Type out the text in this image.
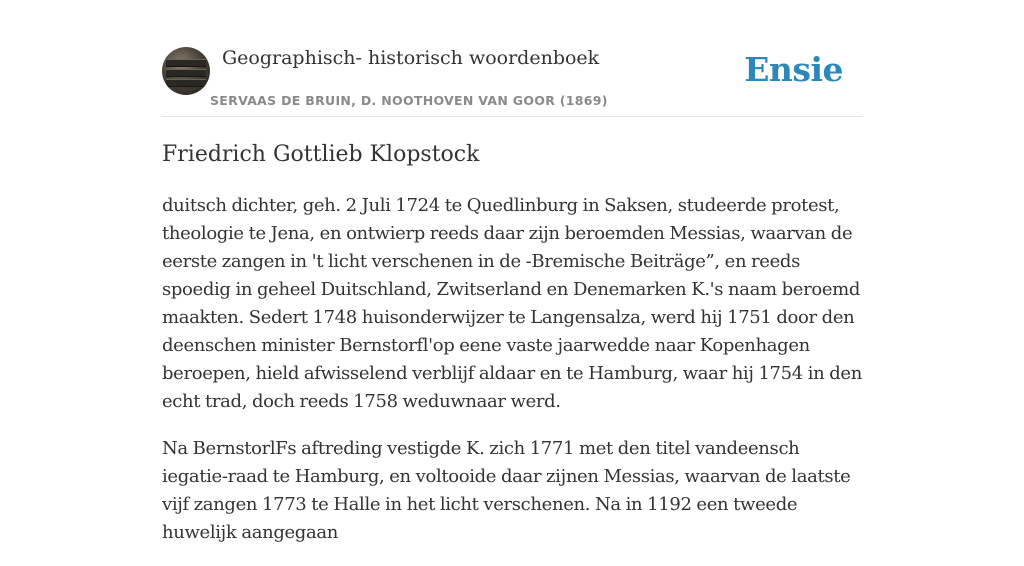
Geographisch- historisch woordenboek
SERVAAS DE BRUIN, D. NOOTHOVEN VAN GOOR (1869)
Ensie
Friedrich Gottlieb Klopstock

duitsch dichter, geh. 2 Juli 1724 te Quedlinburg in Saksen, studeerde protest, theologie te Jena, en ontwierp reeds daar zijn beroemden Messias, waarvan de eerste zangen in 't licht verschenen in de -Bremische Beiträge”, en reeds spoedig in geheel Duitschland, Zwitserland en Denemarken K.'s naam beroemd maakten. Sedert 1748 huisonderwijzer te Langensalza, werd hij 1751 door den deenschen minister Bernstorfl'op eene vaste jaarwedde naar Kopenhagen beroepen, hield afwisselend verblijf aldaar en te Hamburg, waar hij 1754 in den echt trad, doch reeds 1758 weduwnaar werd.

Na BernstorlFs aftreding vestigde K. zich 1771 met den titel vandeensch iegatie-raad te Hamburg, en voltooide daar zijnen Messias, waarvan de laatste vijf zangen 1773 te Halle in het licht verschenen. Na in 1192 een tweede huwelijk aangegaan
